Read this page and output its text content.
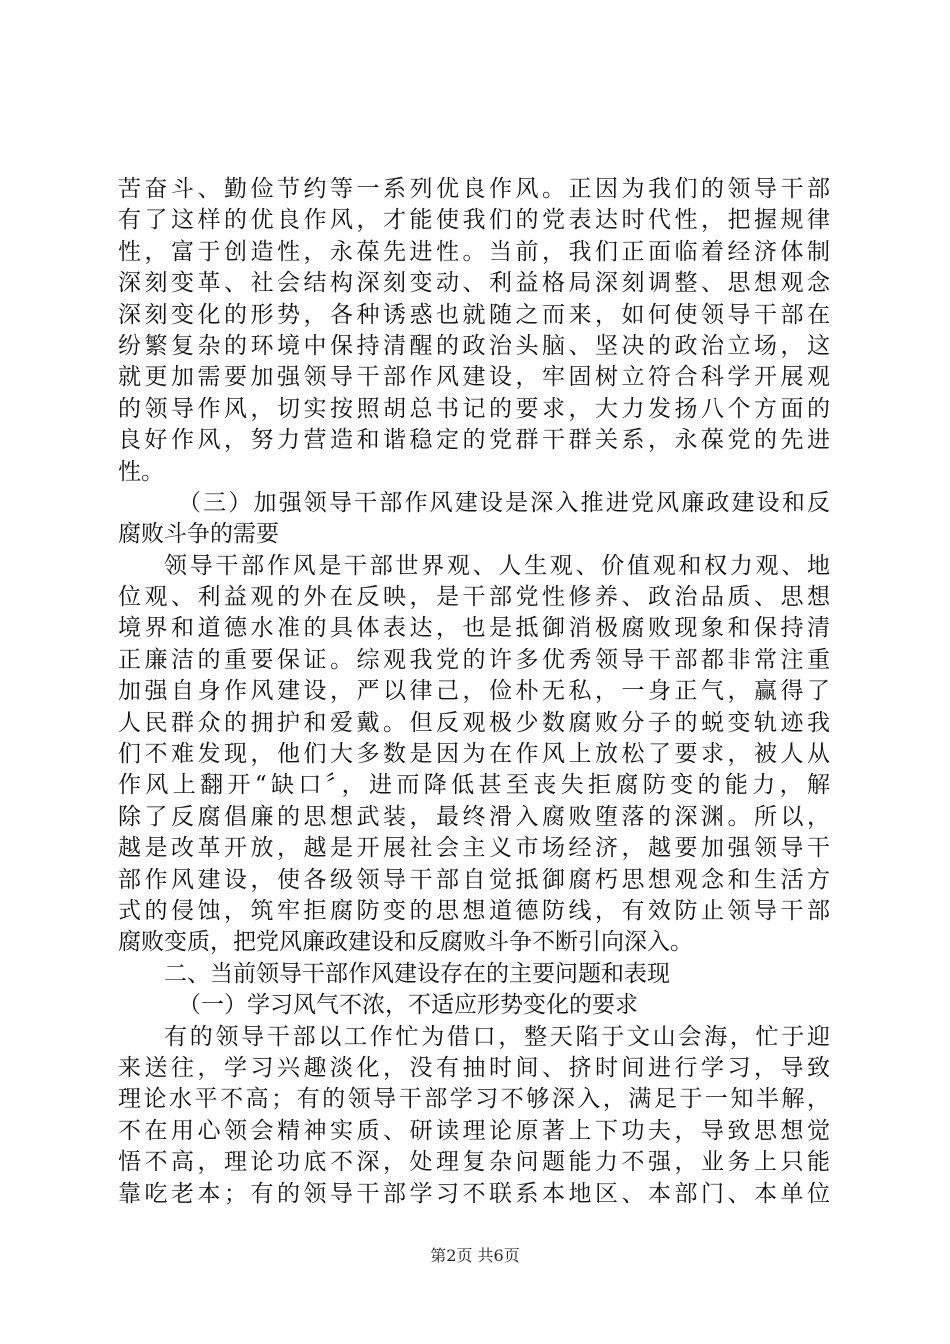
苦奋斗、勤俭节约等一系列优良作风。正因为我们的领导干部
有了这样的优良作风，才能使我们的党表达时代性，把握规律
性，富于创造性，永葆先进性。当前，我们正面临着经济体制
深刻变革、社会结构深刻变动、利益格局深刻调整、思想观念
深刻变化的形势，各种诱惑也就随之而来，如何使领导干部在
纷繁复杂的环境中保持清醒的政治头脑、坚决的政治立场，这
就更加需要加强领导干部作风建设，牢固树立符合科学开展观
的领导作风，切实按照胡总书记的要求，大力发扬八个方面的
良好作风，努力营造和谐稳定的党群干群关系，永葆党的先进
性。
（三）加强领导干部作风建设是深入推进党风廉政建设和反
腐败斗争的需要
领导干部作风是干部世界观、人生观、价值观和权力观、地
位观、利益观的外在反映，是干部党性修养、政治品质、思想
境界和道德水准的具体表达，也是抵御消极腐败现象和保持清
正廉洁的重要保证。综观我党的许多优秀领导干部都非常注重
加强自身作风建设，严以律己，俭朴无私，一身正气，赢得了
人民群众的拥护和爱戴。但反观极少数腐败分子的蜕变轨迹我
们不难发现，他们大多数是因为在作风上放松了要求，被人从
作风上翻开“缺口〞，进而降低甚至丧失拒腐防变的能力，解
除了反腐倡廉的思想武装，最终滑入腐败堕落的深渊。所以，
越是改革开放，越是开展社会主义市场经济，越要加强领导干
部作风建设，使各级领导干部自觉抵御腐朽思想观念和生活方
式的侵蚀，筑牢拒腐防变的思想道德防线，有效防止领导干部
腐败变质，把党风廉政建设和反腐败斗争不断引向深入。
二、当前领导干部作风建设存在的主要问题和表现
（一）学习风气不浓，不适应形势变化的要求
有的领导干部以工作忙为借口，整天陷于文山会海，忙于迎
来送往，学习兴趣淡化，没有抽时间、挤时间进行学习，导致
理论水平不高；有的领导干部学习不够深入，满足于一知半解，
不在用心领会精神实质、研读理论原著上下功夫，导致思想觉
悟不高，理论功底不深，处理复杂问题能力不强，业务上只能
靠吃老本；有的领导干部学习不联系本地区、本部门、本单位
第2页 共6页
